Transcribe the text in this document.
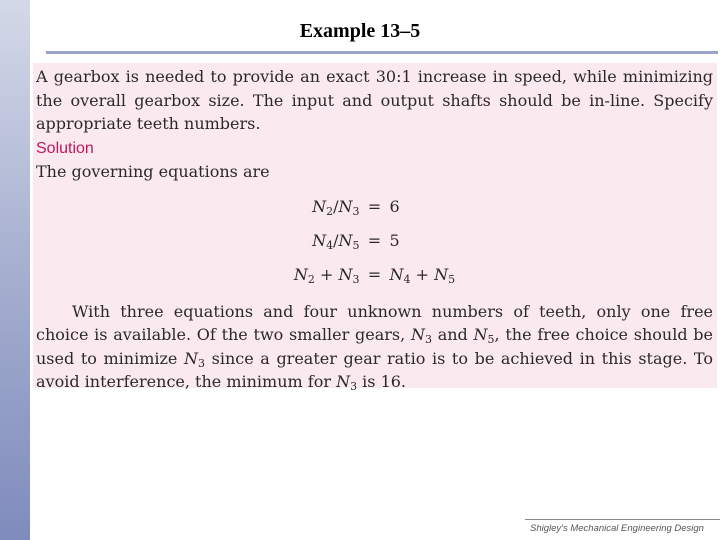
Example 13–5

A gearbox is needed to provide an exact 30:1 increase in speed, while minimizing the overall gearbox size. The input and output shafts should be in-line. Specify appropriate teeth numbers.

Solution

The governing equations are

$N_2/N_3 = 6$
$N_4/N_5 = 5$
$N_2 + N_3 = N_4 + N_5$

With three equations and four unknown numbers of teeth, only one free choice is available. Of the two smaller gears, $N_3$ and $N_5$, the free choice should be used to minimize $N_3$ since a greater gear ratio is to be achieved in this stage. To avoid interference, the minimum for $N_3$ is 16.

Shigley's Mechanical Engineering Design
